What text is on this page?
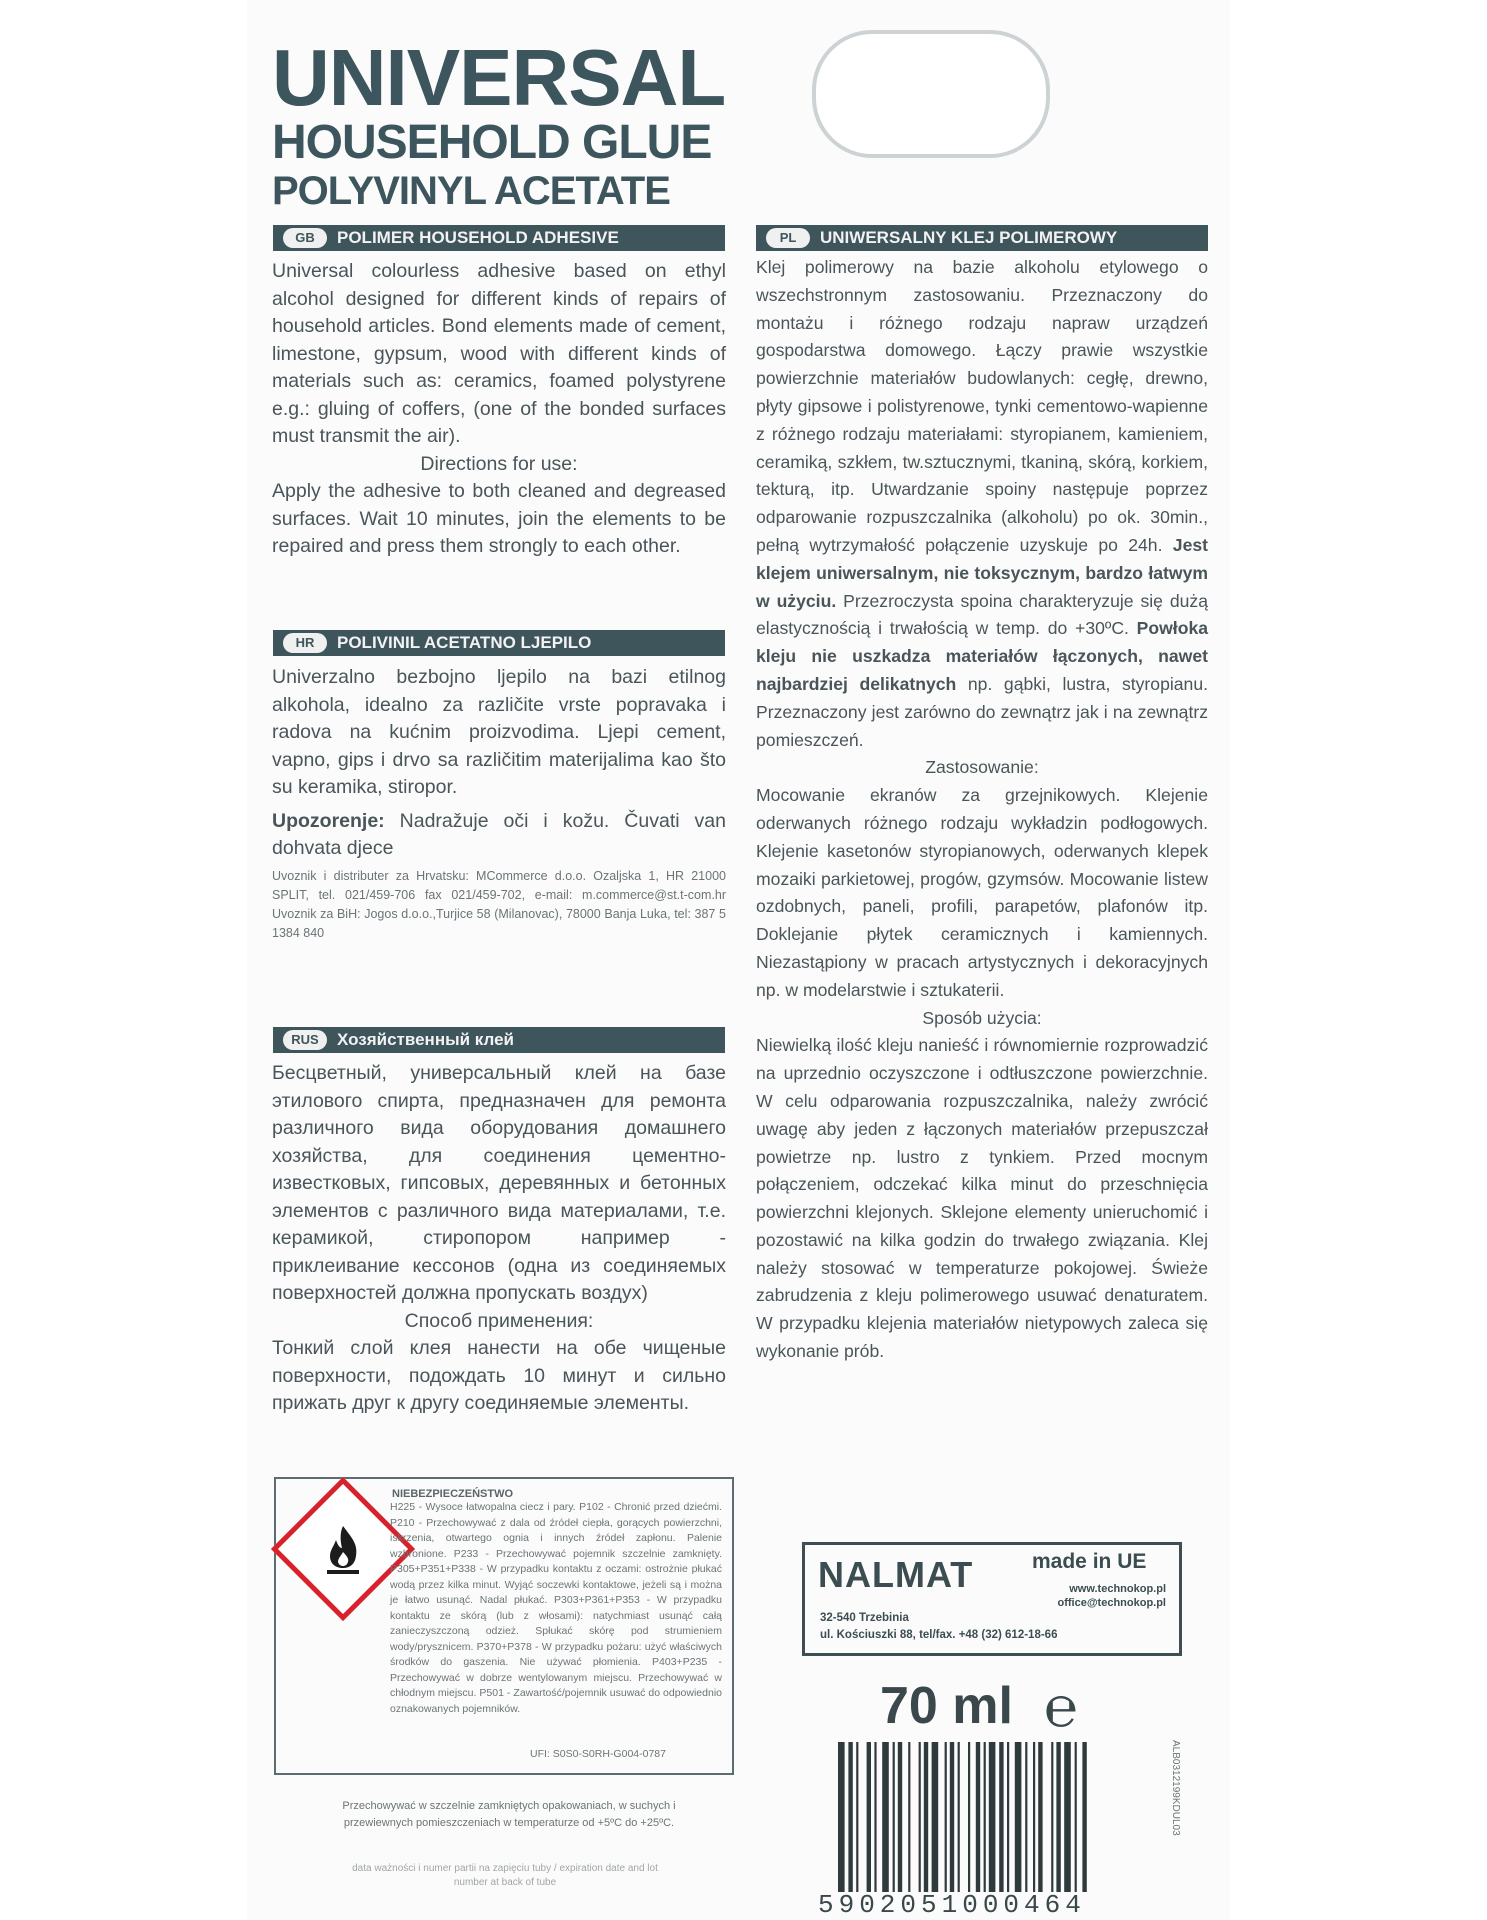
UNIVERSAL
HOUSEHOLD GLUE
POLYVINYL ACETATE
GB POLIMER HOUSEHOLD ADHESIVE

Universal colourless adhesive based on ethyl alcohol designed for different kinds of repairs of household articles. Bond elements made of cement, limestone, gypsum, wood with different kinds of materials such as: ceramics, foamed polystyrene e.g.: gluing of coffers, (one of the bonded surfaces must transmit the air).

Directions for use:

Apply the adhesive to both cleaned and degreased surfaces. Wait 10 minutes, join the elements to be repaired and press them strongly to each other.

HR POLIVINIL ACETATNO LJEPILO

Univerzalno bezbojno ljepilo na bazi etilnog alkohola, idealno za različite vrste popravaka i radova na kućnim proizvodima. Ljepi cement, vapno, gips i drvo sa različitim materijalima kao što su keramika, stiropor.

Upozorenje: Nadražuje oči i kožu. Čuvati van dohvata djece

Uvoznik i distributer za Hrvatsku: MCommerce d.o.o. Ozaljska 1, HR 21000 SPLIT, tel. 021/459-706 fax 021/459-702, e-mail: m.commerce@st.t-com.hr Uvoznik za BiH: Jogos d.o.o.,Turjice 58 (Milanovac), 78000 Banja Luka, tel: 387 5 1384 840

RUS Хозяйственный клей

Бесцветный, универсальный клей на базе этилового спирта, предназначен для ремонта различного вида оборудования домашнего хозяйства, для соединения цементно-известковых, гипсовых, деревянных и бетонных элементов с различного вида материалами, т.е. керамикой, стиропором например - приклеивание кессонов (одна из соединяемых поверхностей должна пропускать воздух)

Способ применения:

Тонкий слой клея нанести на обе чищеные поверхности, подождать 10 минут и сильно прижать друг к другу соединяемые элементы.

PL UNIWERSALNY KLEJ POLIMEROWY

Klej polimerowy na bazie alkoholu etylowego o wszechstronnym zastosowaniu. Przeznaczony do montażu i różnego rodzaju napraw urządzeń gospodarstwa domowego. Łączy prawie wszystkie powierzchnie materiałów budowlanych: cegłę, drewno, płyty gipsowe i polistyrenowe, tynki cementowo-wapienne z różnego rodzaju materiałami: styropianem, kamieniem, ceramiką, szkłem, tw.sztucznymi, tkaniną, skórą, korkiem, tekturą, itp. Utwardzanie spoiny następuje poprzez odparowanie rozpuszczalnika (alkoholu) po ok. 30min., pełną wytrzymałość połączenie uzyskuje po 24h. Jest klejem uniwersalnym, nie toksycznym, bardzo łatwym w użyciu. Przezroczysta spoina charakteryzuje się dużą elastycznością i trwałością w temp. do +30ºC. Powłoka kleju nie uszkadza materiałów łączonych, nawet najbardziej delikatnych np. gąbki, lustra, styropianu. Przeznaczony jest zarówno do zewnątrz jak i na zewnątrz pomieszczeń.

Zastosowanie:

Mocowanie ekranów za grzejnikowych. Klejenie oderwanych różnego rodzaju wykładzin podłogowych. Klejenie kasetonów styropianowych, oderwanych klepek mozaiki parkietowej, progów, gzymsów. Mocowanie listew ozdobnych, paneli, profili, parapetów, plafonów itp. Doklejanie płytek ceramicznych i kamiennych. Niezastąpiony w pracach artystycznych i dekoracyjnych np. w modelarstwie i sztukaterii.

Sposób użycia:

Niewielką ilość kleju nanieść i równomiernie rozprowadzić na uprzednio oczyszczone i odtłuszczone powierzchnie. W celu odparowania rozpuszczalnika, należy zwrócić uwagę aby jeden z łączonych materiałów przepuszczał powietrze np. lustro z tynkiem. Przed mocnym połączeniem, odczekać kilka minut do przeschnięcia powierzchni klejonych. Sklejone elementy unieruchomić i pozostawić na kilka godzin do trwałego związania. Klej należy stosować w temperaturze pokojowej. Świeże zabrudzenia z kleju polimerowego usuwać denaturatem. W przypadku klejenia materiałów nietypowych zaleca się wykonanie prób.

NIEBEZPIECZEŃSTWO
H225 - Wysoce łatwopalna ciecz i pary. P102 - Chronić przed dziećmi. P210 - Przechowywać z dala od źródeł ciepła, gorących powierzchni, iskrzenia, otwartego ognia i innych źródeł zapłonu. Palenie wzbronione. P233 - Przechowywać pojemnik szczelnie zamknięty. P305+P351+P338 - W przypadku kontaktu z oczami: ostrożnie płukać wodą przez kilka minut. Wyjąć soczewki kontaktowe, jeżeli są i można je łatwo usunąć. Nadal płukać. P303+P361+P353 - W przypadku kontaktu ze skórą (lub z włosami): natychmiast usunąć całą zanieczyszczoną odzież. Spłukać skórę pod strumieniem wody/prysznicem. P370+P378 - W przypadku pożaru: użyć właściwych środków do gaszenia. Nie używać płomienia. P403+P235 - Przechowywać w dobrze wentylowanym miejscu. Przechowywać w chłodnym miejscu. P501 - Zawartość/pojemnik usuwać do odpowiednio oznakowanych pojemników.
UFI: S0S0-S0RH-G004-0787
Przechowywać w szczelnie zamkniętych opakowaniach, w suchych i przewiewnych pomieszczeniach w temperaturze od +5ºC do +25ºC.
data ważności i numer partii na zapięciu tuby / expiration date and lot number at back of tube
NALMAT	made in UE
www.technokop.pl
office@technokop.pl
32-540 Trzebinia
ul. Kościuszki 88, tel/fax. +48 (32) 612-18-66
70 ml ℮
5902051000464
ALB0312199KDUL03
